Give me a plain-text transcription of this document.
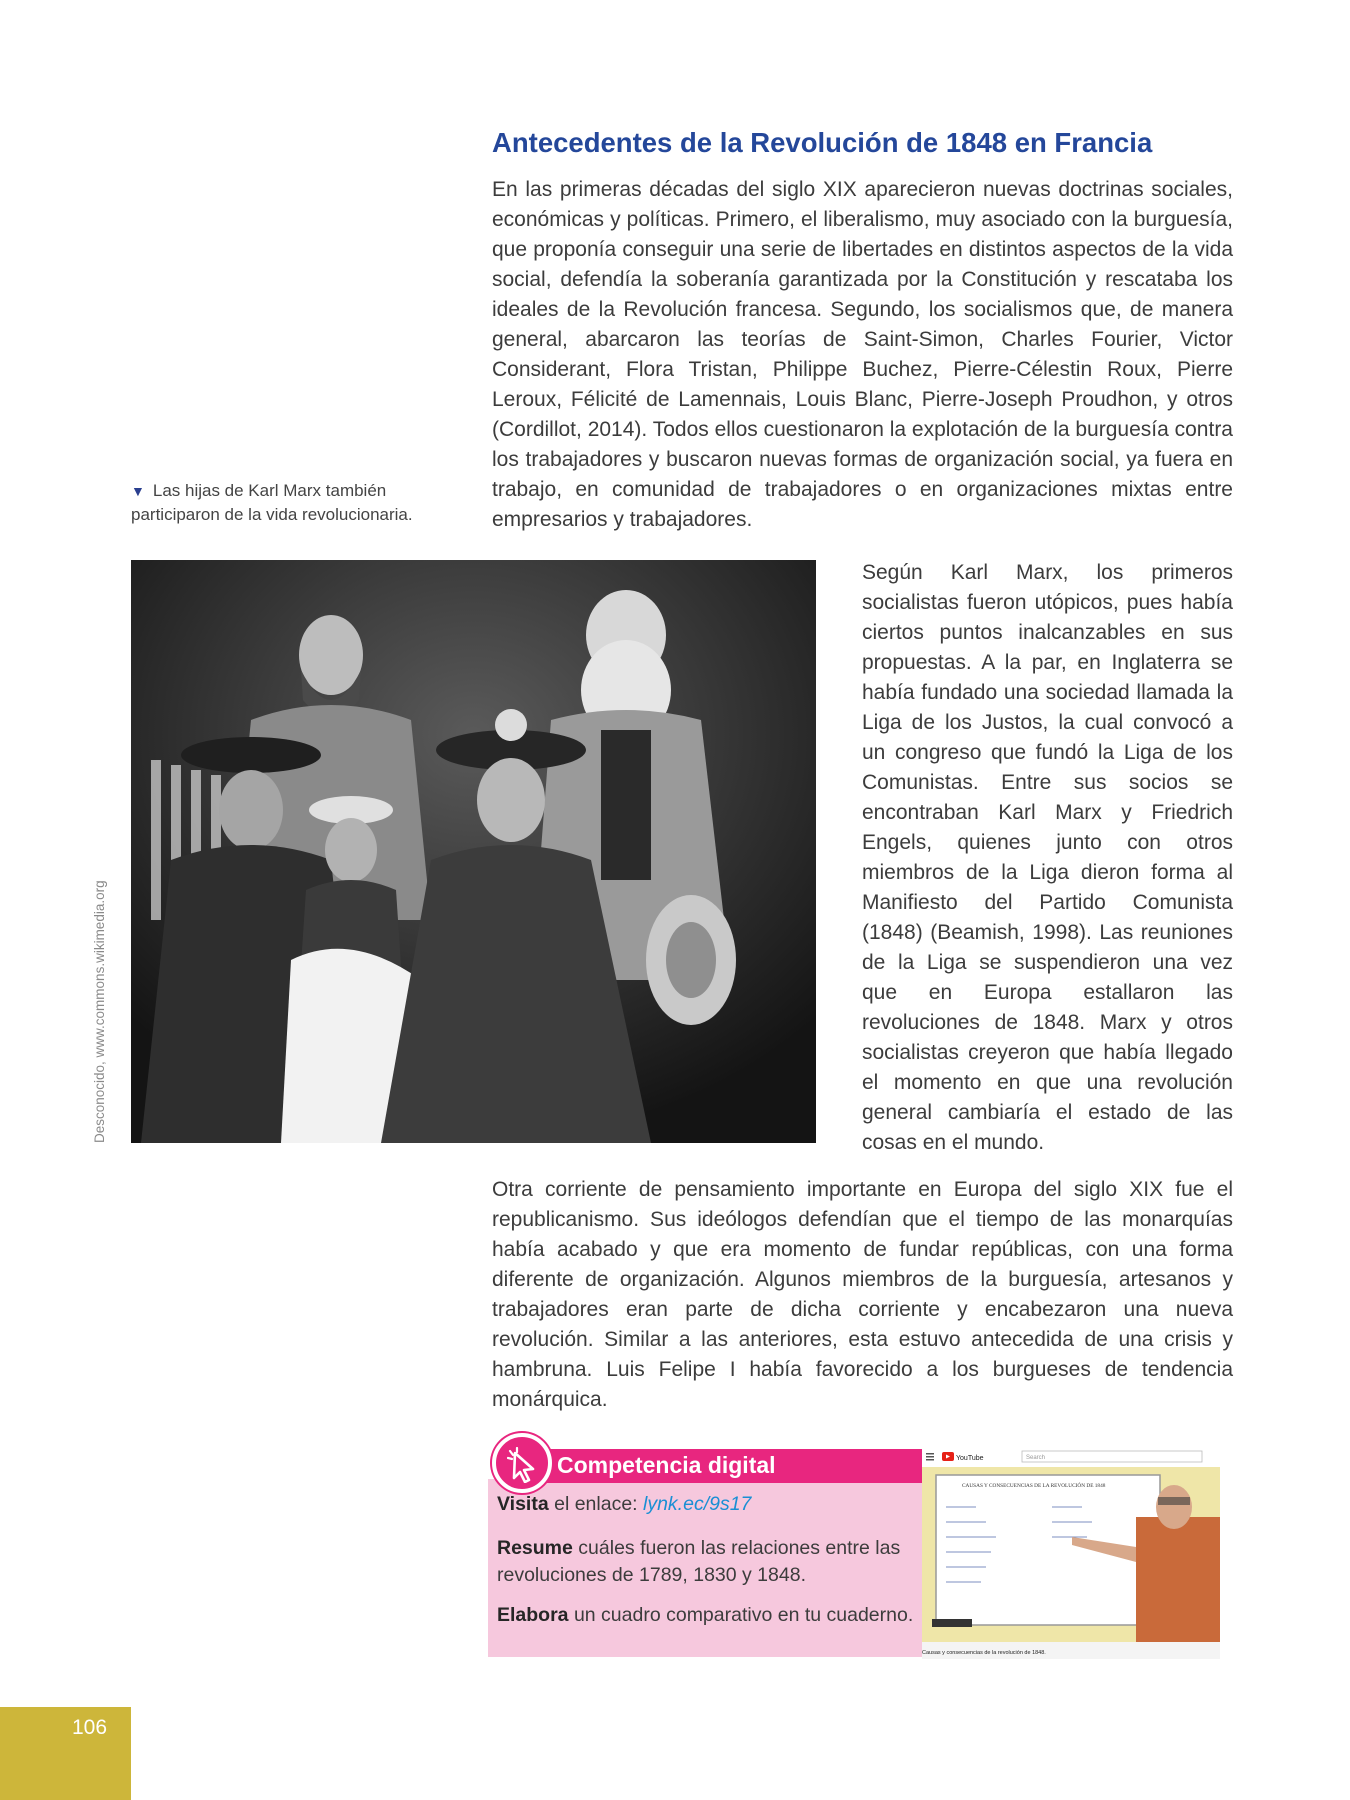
Antecedentes de la Revolución de 1848 en Francia

En las primeras décadas del siglo XIX aparecieron nuevas doctrinas sociales, económicas y políticas. Primero, el liberalismo, muy asociado con la burguesía, que proponía conseguir una serie de libertades en distintos aspectos de la vida social, defendía la soberanía garantizada por la Constitución y rescataba los ideales de la Revolución francesa. Segundo, los socialismos que, de manera general, abarcaron las teorías de Saint-Simon, Charles Fourier, Victor Considerant, Flora Tristan, Philippe Buchez, Pierre-Célestin Roux, Pierre Leroux, Félicité de Lamennais, Louis Blanc, Pierre-Joseph Proudhon, y otros (Cordillot, 2014). Todos ellos cuestionaron la explotación de la burguesía contra los trabajadores y buscaron nuevas formas de organización social, ya fuera en trabajo, en comunidad de trabajadores o en organizaciones mixtas entre empresarios y trabajadores.

▼ Las hijas de Karl Marx también participaron de la vida revolucionaria.
Desconocido, www.commons.wikimedia.org

Según Karl Marx, los primeros socialistas fueron utópicos, pues había ciertos puntos inalcanzables en sus propuestas. A la par, en Inglaterra se había fundado una sociedad llamada la Liga de los Justos, la cual convocó a un congreso que fundó la Liga de los Comunistas. Entre sus socios se encontraban Karl Marx y Friedrich Engels, quienes junto con otros miembros de la Liga dieron forma al Manifiesto del Partido Comunista (1848) (Beamish, 1998). Las reuniones de la Liga se suspendieron una vez que en Europa estallaron las revoluciones de 1848. Marx y otros socialistas creyeron que había llegado el momento en que una revolución general cambiaría el estado de las cosas en el mundo.

Otra corriente de pensamiento importante en Europa del siglo XIX fue el republicanismo. Sus ideólogos defendían que el tiempo de las monarquías había acabado y que era momento de fundar repúblicas, con una forma diferente de organización. Algunos miembros de la burguesía, artesanos y trabajadores eran parte de dicha corriente y encabezaron una nueva revolución. Similar a las anteriores, esta estuvo antecedida de una crisis y hambruna. Luis Felipe I había favorecido a los burgueses de tendencia monárquica.

Competencia digital
Visita el enlace: lynk.ec/9s17
Resume cuáles fueron las relaciones entre las revoluciones de 1789, 1830 y 1848.
Elabora un cuadro comparativo en tu cuaderno.
YouTube	Search
CAUSAS Y CONSECUENCIAS DE LA REVOLUCIÓN DE 1848
Causas y consecuencias de la revolución de 1848.
106
